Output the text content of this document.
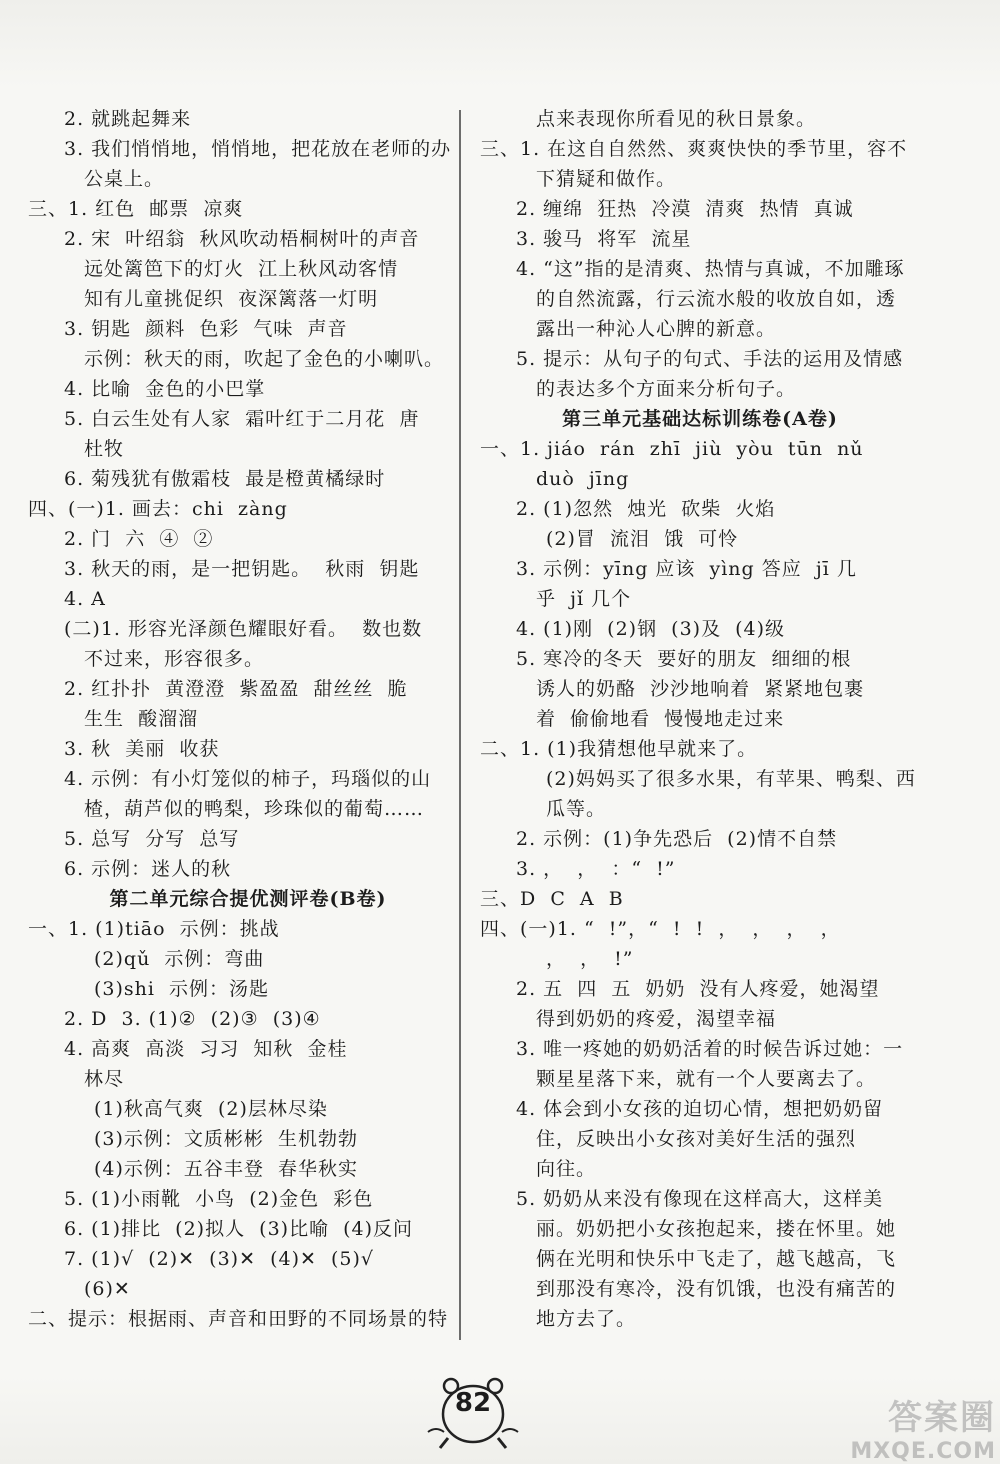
2. 就跳起舞来
3. 我们悄悄地，悄悄地，把花放在老师的办
公桌上。
三、1. 红色  邮票  凉爽
2. 宋  叶绍翁  秋风吹动梧桐树叶的声音
远处篱笆下的灯火  江上秋风动客情
知有儿童挑促织  夜深篱落一灯明
3. 钥匙  颜料  色彩  气味  声音
示例：秋天的雨，吹起了金色的小喇叭。
4. 比喻  金色的小巴掌
5. 白云生处有人家  霜叶红于二月花  唐
杜牧
6. 菊残犹有傲霜枝  最是橙黄橘绿时
四、(一)1. 画去：chi  zàng
2. 门  六  ④  ②
3. 秋天的雨，是一把钥匙。  秋雨  钥匙
4. A
(二)1. 形容光泽颜色耀眼好看。  数也数
不过来，形容很多。
2. 红扑扑  黄澄澄  紫盈盈  甜丝丝  脆
生生  酸溜溜
3. 秋  美丽  收获
4. 示例：有小灯笼似的柿子，玛瑙似的山
楂，葫芦似的鸭梨，珍珠似的葡萄……
5. 总写  分写  总写
6. 示例：迷人的秋
第二单元综合提优测评卷(B卷)
一、1. (1)tiāo  示例：挑战
(2)qǔ  示例：弯曲
(3)shi  示例：汤匙
2. D  3. (1)②  (2)③  (3)④
4. 高爽  高淡  习习  知秋  金桂
林尽
(1)秋高气爽  (2)层林尽染
(3)示例：文质彬彬  生机勃勃
(4)示例：五谷丰登  春华秋实
5. (1)小雨靴  小鸟  (2)金色  彩色
6. (1)排比  (2)拟人  (3)比喻  (4)反问
7. (1)√  (2)✕  (3)✕  (4)✕  (5)√
(6)✕
二、提示：根据雨、声音和田野的不同场景的特
点来表现你所看见的秋日景象。
三、1. 在这自自然然、爽爽快快的季节里，容不
下猜疑和做作。
2. 缠绵  狂热  冷漠  清爽  热情  真诚
3. 骏马  将军  流星
4. “这”指的是清爽、热情与真诚，不加雕琢
的自然流露，行云流水般的收放自如，透
露出一种沁人心脾的新意。
5. 提示：从句子的句式、手法的运用及情感
的表达多个方面来分析句子。
第三单元基础达标训练卷(A卷)
一、1. jiáo  rán  zhī  jiù  yòu  tūn  nǔ
duò  jīng
2. (1)忽然  烛光  砍柴  火焰
(2)冒  流泪  饿  可怜
3. 示例：yīng 应该  yìng 答应  jī 几
乎  jǐ 几个
4. (1)刚  (2)钢  (3)及  (4)级
5. 寒冷的冬天  要好的朋友  细细的根
诱人的奶酪  沙沙地响着  紧紧地包裹
着  偷偷地看  慢慢地走过来
二、1. (1)我猜想他早就来了。
(2)妈妈买了很多水果，有苹果、鸭梨、西
瓜等。
2. 示例：(1)争先恐后  (2)情不自禁
3. ，  ，  ：“  !”
三、D  C  A  B
四、(一)1. “  !”，“  !  !  ，  ，  ，  ，
，  ，  !”
2. 五  四  五  奶奶  没有人疼爱，她渴望
得到奶奶的疼爱，渴望幸福
3. 唯一疼她的奶奶活着的时候告诉过她：一
颗星星落下来，就有一个人要离去了。
4. 体会到小女孩的迫切心情，想把奶奶留
住，反映出小女孩对美好生活的强烈
向往。
5. 奶奶从来没有像现在这样高大，这样美
丽。奶奶把小女孩抱起来，搂在怀里。她
俩在光明和快乐中飞走了，越飞越高，飞
到那没有寒冷，没有饥饿，也没有痛苦的
地方去了。
82	答案圈
MXQE.COM
